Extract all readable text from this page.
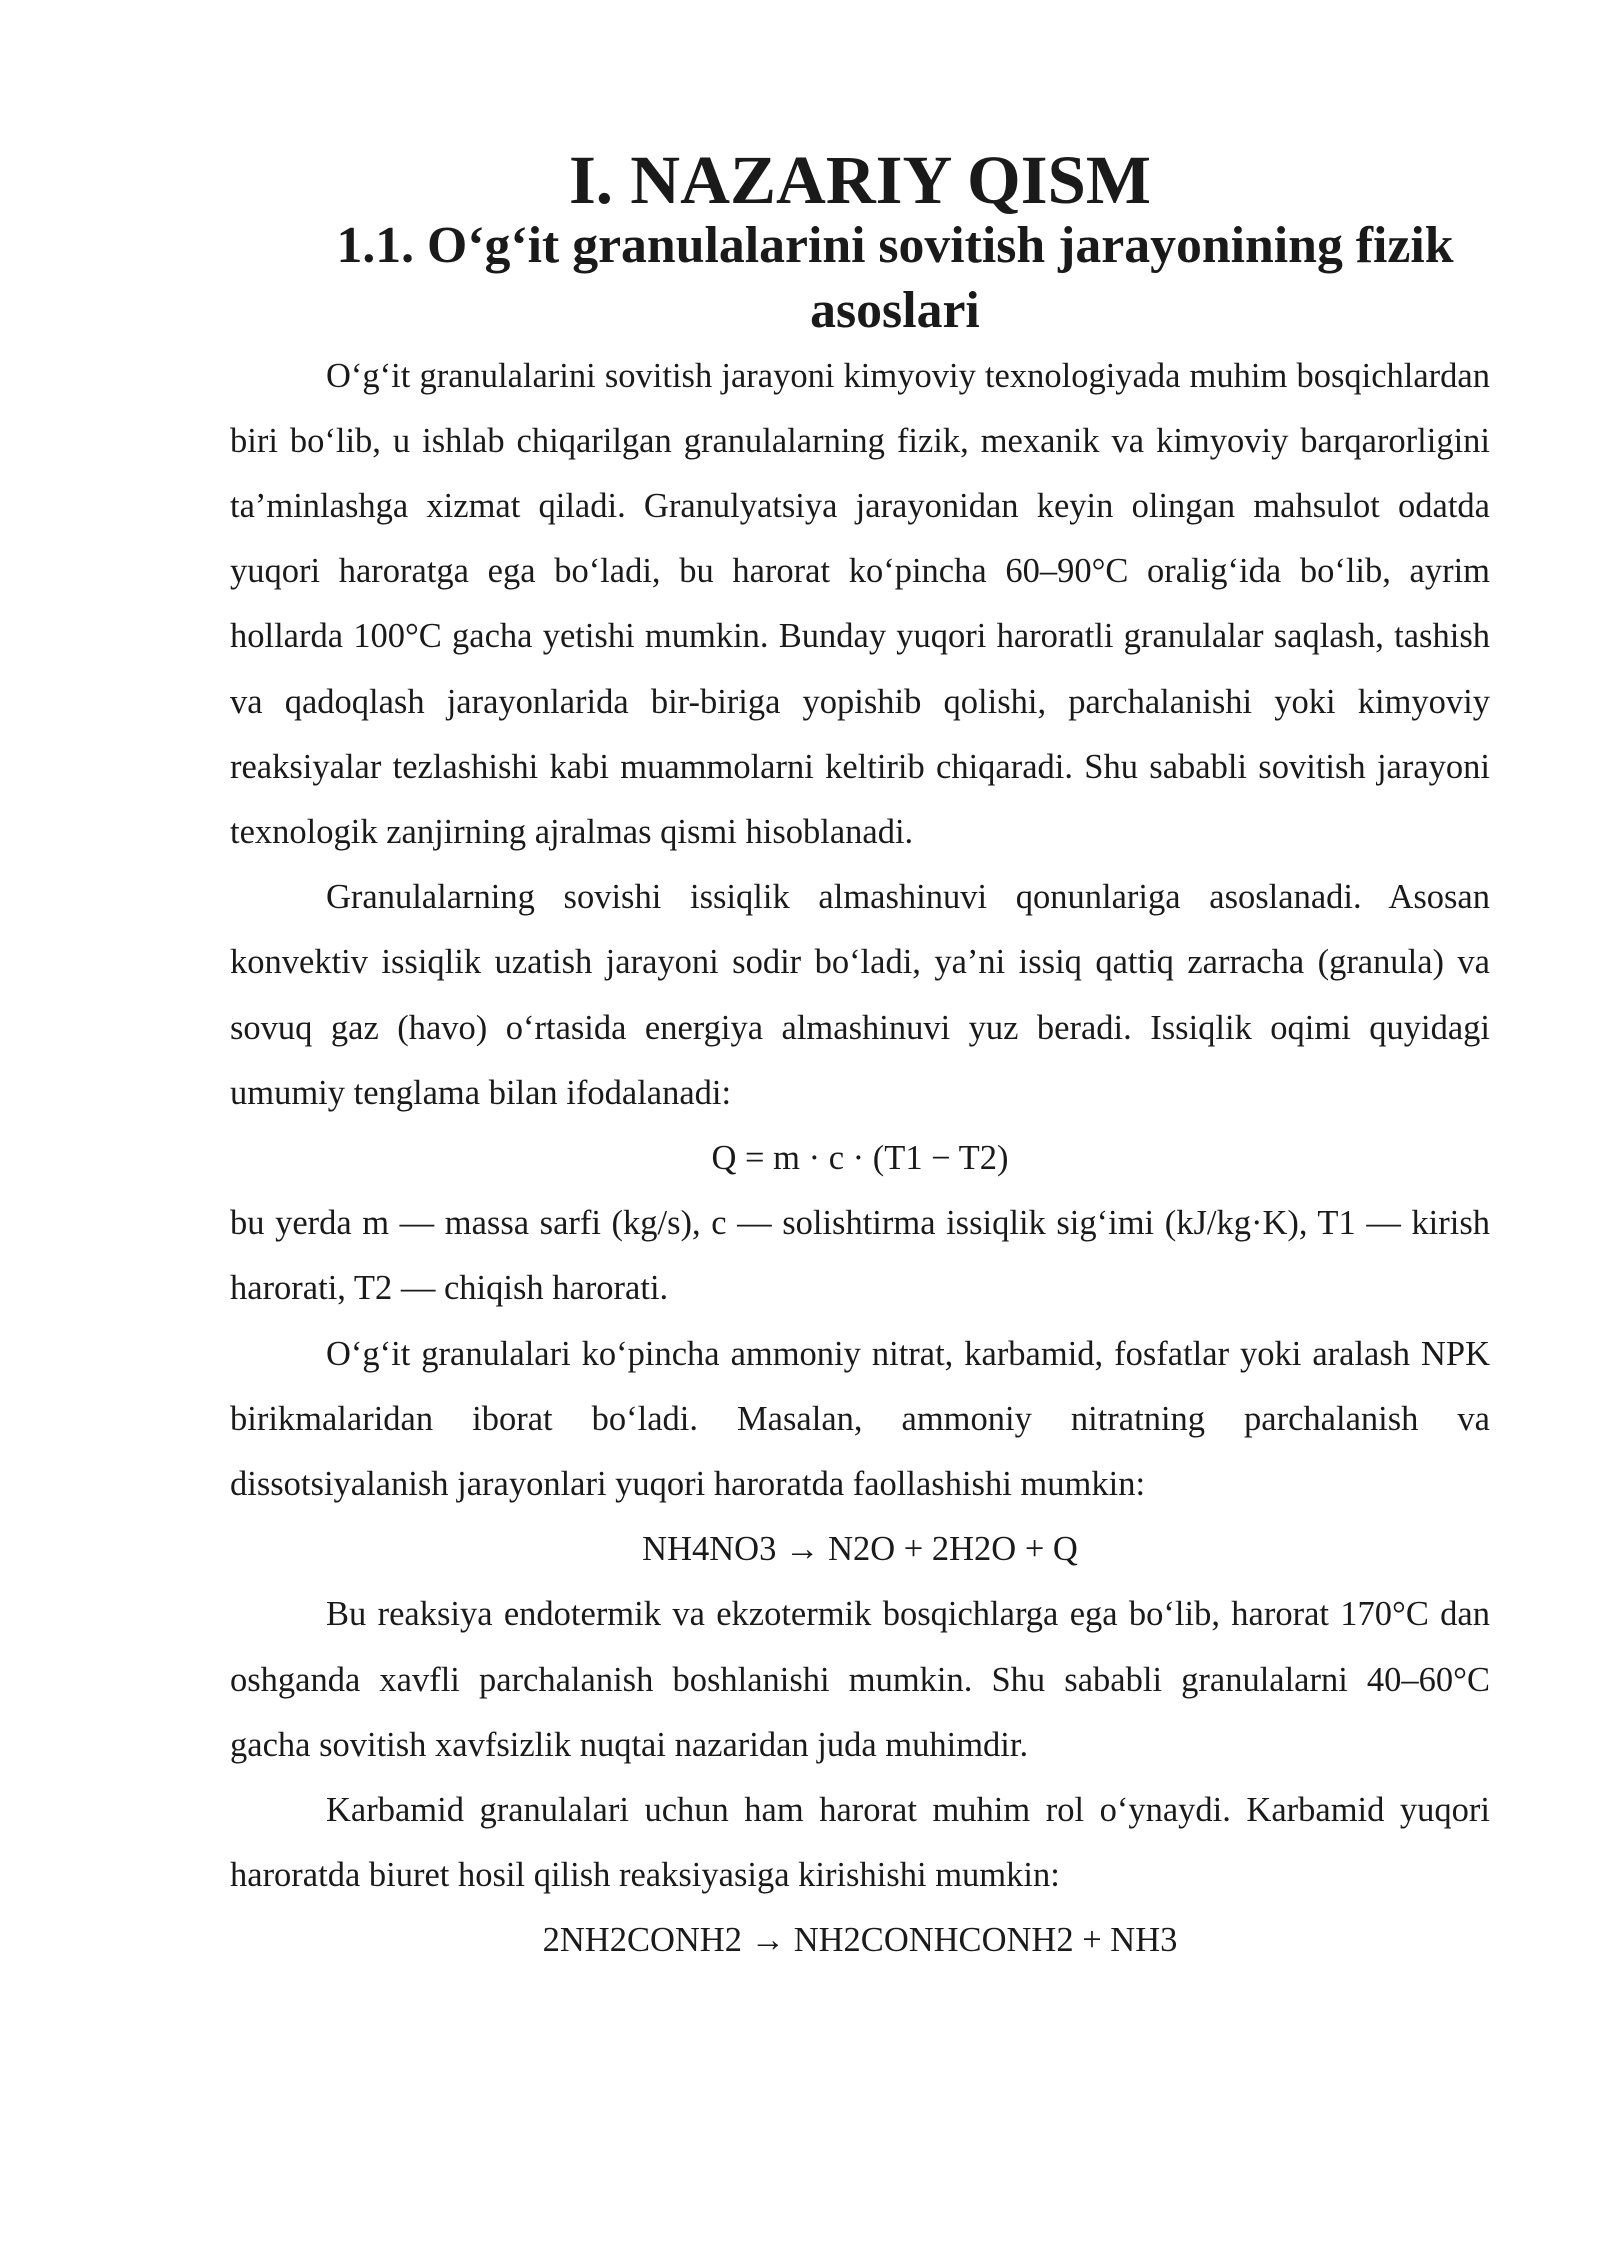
I. NAZARIY QISM
1.1. O‘g‘it granulalarini sovitish jarayonining fizik asoslari

O‘g‘it granulalarini sovitish jarayoni kimyoviy texnologiyada muhim bosqichlardan biri bo‘lib, u ishlab chiqarilgan granulalarning fizik, mexanik va kimyoviy barqarorligini ta’minlashga xizmat qiladi. Granulyatsiya jarayonidan keyin olingan mahsulot odatda yuqori haroratga ega bo‘ladi, bu harorat ko‘pincha 60–90°C oralig‘ida bo‘lib, ayrim hollarda 100°C gacha yetishi mumkin. Bunday yuqori haroratli granulalar saqlash, tashish va qadoqlash jarayonlarida bir-biriga yopishib qolishi, parchalanishi yoki kimyoviy reaksiyalar tezlashishi kabi muammolarni keltirib chiqaradi. Shu sababli sovitish jarayoni texnologik zanjirning ajralmas qismi hisoblanadi.

Granulalarning sovishi issiqlik almashinuvi qonunlariga asoslanadi. Asosan konvektiv issiqlik uzatish jarayoni sodir bo‘ladi, ya’ni issiq qattiq zarracha (granula) va sovuq gaz (havo) o‘rtasida energiya almashinuvi yuz beradi. Issiqlik oqimi quyidagi umumiy tenglama bilan ifodalanadi:

Q = m · c · (T1 − T2)

bu yerda m — massa sarfi (kg/s), c — solishtirma issiqlik sig‘imi (kJ/kg·K), T1 — kirish harorati, T2 — chiqish harorati.

O‘g‘it granulalari ko‘pincha ammoniy nitrat, karbamid, fosfatlar yoki aralash NPK birikmalaridan iborat bo‘ladi. Masalan, ammoniy nitratning parchalanish va dissotsiyalanish jarayonlari yuqori haroratda faollashishi mumkin:

NH4NO3 → N2O + 2H2O + Q

Bu reaksiya endotermik va ekzotermik bosqichlarga ega bo‘lib, harorat 170°C dan oshganda xavfli parchalanish boshlanishi mumkin. Shu sababli granulalarni 40–60°C gacha sovitish xavfsizlik nuqtai nazaridan juda muhimdir.

Karbamid granulalari uchun ham harorat muhim rol o‘ynaydi. Karbamid yuqori haroratda biuret hosil qilish reaksiyasiga kirishishi mumkin:

2NH2CONH2 → NH2CONHCONH2 + NH3
